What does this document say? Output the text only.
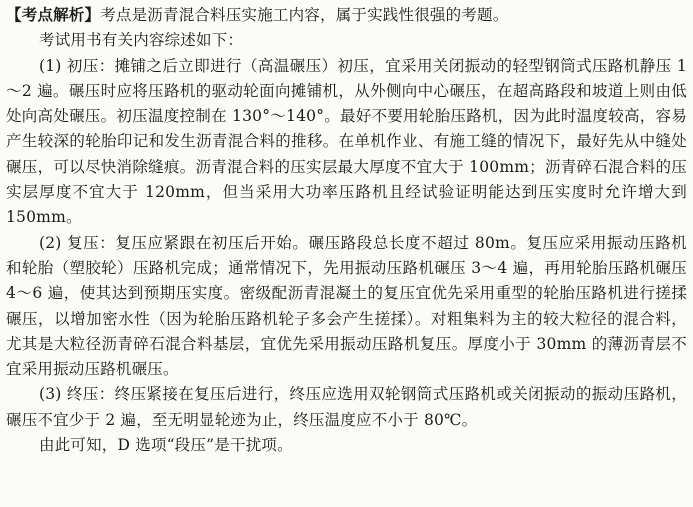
【考点解析】考点是沥青混合料压实施工内容，属于实践性很强的考题。

考试用书有关内容综述如下：

(1) 初压：摊铺之后立即进行（高温碾压）初压，宜采用关闭振动的轻型钢筒式压路机静压 1～2 遍。碾压时应将压路机的驱动轮面向摊铺机，从外侧向中心碾压，在超高路段和坡道上则由低处向高处碾压。初压温度控制在 130°～140°。最好不要用轮胎压路机，因为此时温度较高，容易产生较深的轮胎印记和发生沥青混合料的推移。在单机作业、有施工缝的情况下，最好先从中缝处碾压，可以尽快消除缝痕。沥青混合料的压实层最大厚度不宜大于 100mm；沥青碎石混合料的压实层厚度不宜大于 120mm，但当采用大功率压路机且经试验证明能达到压实度时允许增大到 150mm。

(2) 复压：复压应紧跟在初压后开始。碾压路段总长度不超过 80m。复压应采用振动压路机和轮胎（塑胶轮）压路机完成；通常情况下，先用振动压路机碾压 3～4 遍，再用轮胎压路机碾压 4～6 遍，使其达到预期压实度。密级配沥青混凝土的复压宜优先采用重型的轮胎压路机进行搓揉碾压，以增加密水性（因为轮胎压路机轮子多会产生搓揉）。对粗集料为主的较大粒径的混合料，尤其是大粒径沥青碎石混合料基层，宜优先采用振动压路机复压。厚度小于 30mm 的薄沥青层不宜采用振动压路机碾压。

(3) 终压：终压紧接在复压后进行，终压应选用双轮钢筒式压路机或关闭振动的振动压路机，碾压不宜少于 2 遍，至无明显轮迹为止，终压温度应不小于 80℃。

由此可知，D 选项“段压”是干扰项。
